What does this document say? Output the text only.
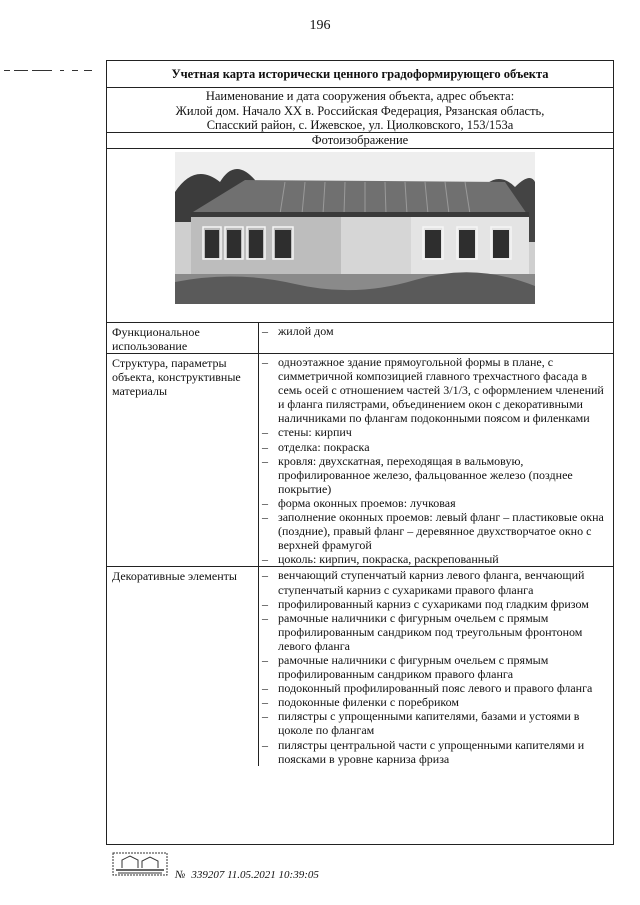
196
Учетная карта исторически ценного градоформирующего объекта
Наименование и дата сооружения объекта, адрес объекта:
Жилой дом. Начало XX в. Российская Федерация, Рязанская область,
Спасский район, с. Ижевское, ул. Циолковского, 153/153а
Фотоизображение
Функциональное использование
– жилой дом
Структура, параметры объекта, конструктивные материалы
– одноэтажное здание прямоугольной формы в плане, с симметричной композицией главного трехчастного фасада в семь осей с отношением частей 3/1/3, с оформлением членений и фланга пилястрами, объединением окон с декоративными наличниками по флангам подоконными поясом и филенками
– стены: кирпич
– отделка: покраска
– кровля: двухскатная, переходящая в вальмовую, профилированное железо, фальцованное железо (позднее покрытие)
– форма оконных проемов: лучковая
– заполнение оконных проемов: левый фланг – пластиковые окна (поздние), правый фланг – деревянное двухстворчатое окно с верхней фрамугой
– цоколь: кирпич, покраска, раскрепованный
Декоративные элементы	– венчающий ступенчатый карниз левого фланга, венчающий ступенчатый карниз с сухариками правого фланга
– профилированный карниз с сухариками под гладким фризом
– рамочные наличники с фигурным очельем с прямым профилированным сандриком под треугольным фронтоном левого фланга
– рамочные наличники с фигурным очельем с прямым профилированным сандриком правого фланга
– подоконный профилированный пояс левого и правого фланга
– подоконные филенки с поребриком
– пилястры с упрощенными капителями, базами и устоями в цоколе по флангам
– пилястры центральной части с упрощенными капителями и поясками в уровне карниза фриза
№ 339207 11.05.2021 10:39:05
